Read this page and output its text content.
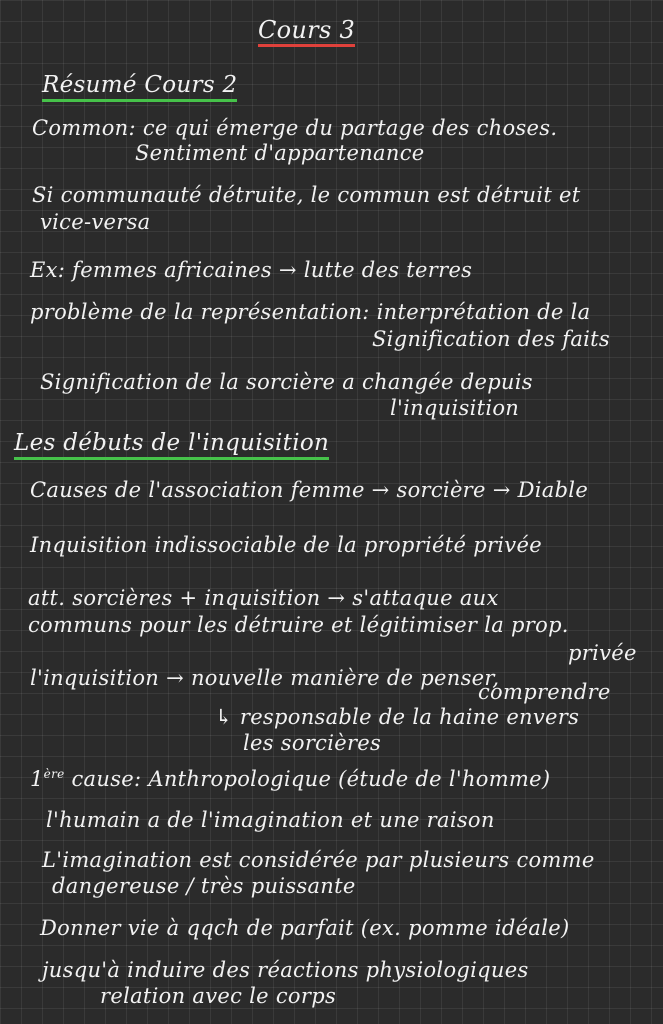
Cours 3
Résumé Cours 2
Common: ce qui émerge du partage des choses.
Sentiment d'appartenance
Si communauté détruite, le commun est détruit et
vice-versa
Ex: femmes africaines → lutte des terres
problème de la représentation: interprétation de la
Signification des faits
Signification de la sorcière a changée depuis
l'inquisition
Les débuts de l'inquisition
Causes de l'association femme → sorcière → Diable
Inquisition indissociable de la propriété privée
att. sorcières + inquisition → s'attaque aux
communs pour les détruire et légitimiser la prop.
privée
l'inquisition → nouvelle manière de penser,
comprendre
↳ responsable de la haine envers
les sorcières
1ère cause: Anthropologique (étude de l'homme)
l'humain a de l'imagination et une raison
L'imagination est considérée par plusieurs comme
dangereuse / très puissante
Donner vie à qqch de parfait (ex. pomme idéale)
jusqu'à induire des réactions physiologiques
relation avec le corps
